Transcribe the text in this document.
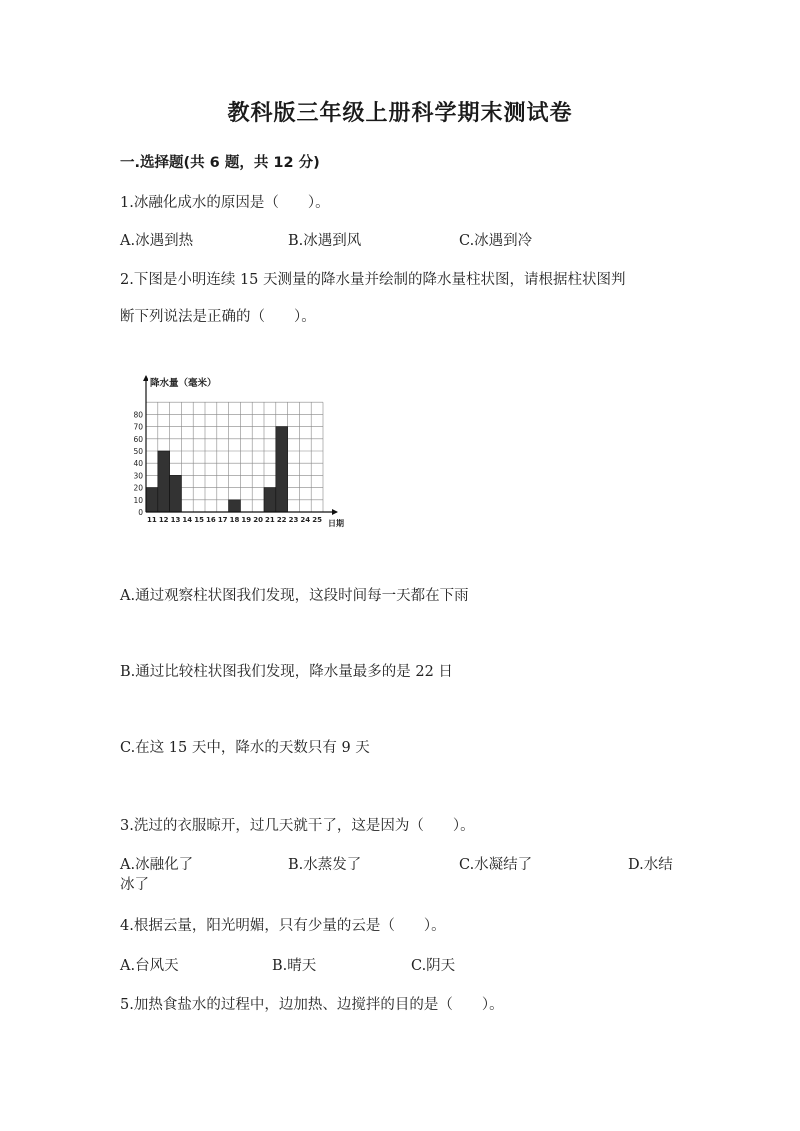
教科版三年级上册科学期末测试卷
一.选择题(共 6 题，共 12 分)
1.冰融化成水的原因是（　　）。
A.冰遇到热	B.冰遇到风	C.冰遇到冷
2.下图是小明连续 15 天测量的降水量并绘制的降水量柱状图，请根据柱状图判
断下列说法是正确的（　　）。
0
10
20
30
40
50
60
70
80
11 12 13 14 15 16 17 18 19 20 21 22 23 24 25
降水量（毫米）
日期
A.通过观察柱状图我们发现，这段时间每一天都在下雨
B.通过比较柱状图我们发现，降水量最多的是 22 日
C.在这 15 天中，降水的天数只有 9 天
3.洗过的衣服晾开，过几天就干了，这是因为（　　）。
A.冰融化了	B.水蒸发了	C.水凝结了	D.水结
冰了
4.根据云量，阳光明媚，只有少量的云是（　　）。
A.台风天	B.晴天	C.阴天
5.加热食盐水的过程中，边加热、边搅拌的目的是（　　）。
